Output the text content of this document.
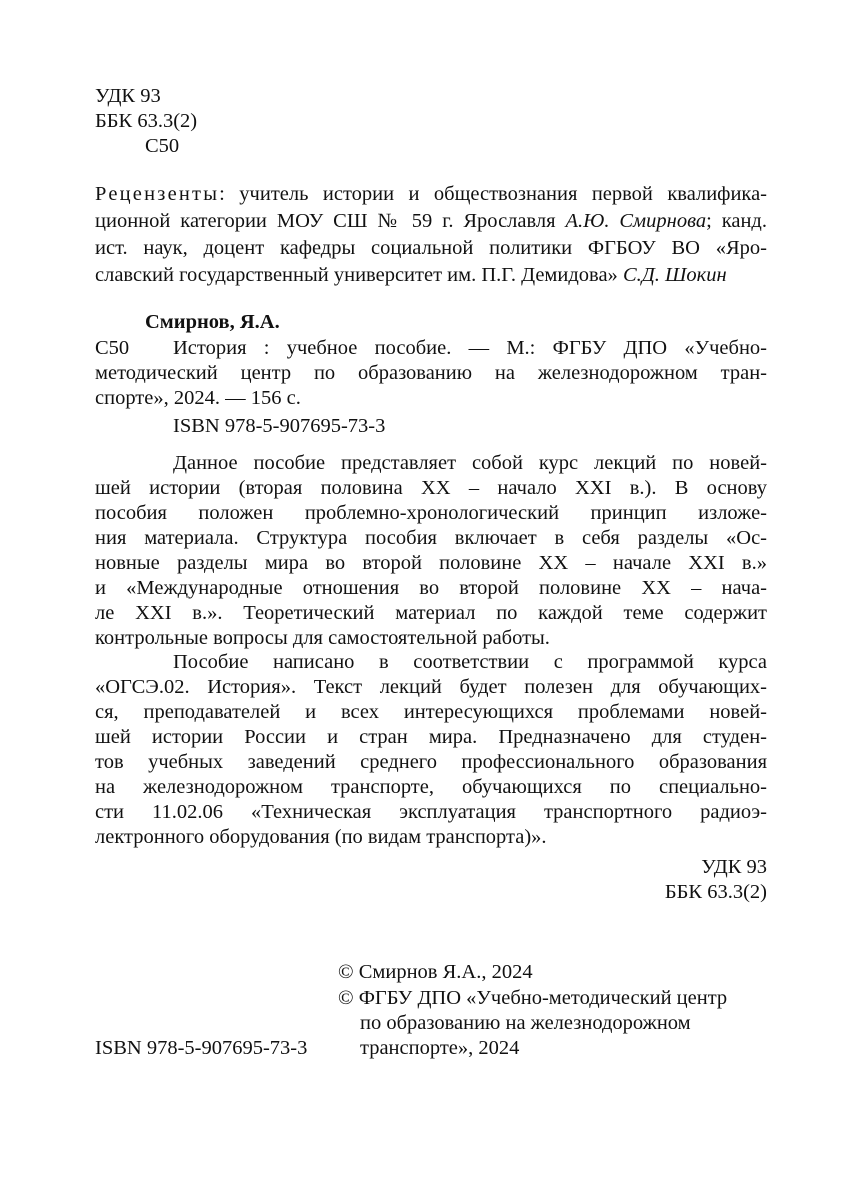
УДК 93
ББК 63.3(2)
С50
Рецензенты: учитель истории и обществознания первой квалифика-
ционной категории МОУ СШ № 59 г. Ярославля А.Ю. Смирнова; канд.
ист. наук, доцент кафедры социальной политики ФГБОУ ВО «Яро-
славский государственный университет им. П.Г. Демидова» С.Д. Шокин
Смирнов, Я.А.
С50 История : учебное пособие. — М.: ФГБУ ДПО «Учебно-
методический центр по образованию на железнодорожном тран-
спорте», 2024. — 156 с.
ISBN 978-5-907695-73-3
Данное пособие представляет собой курс лекций по новей-
шей истории (вторая половина XX – начало XXI в.). В основу
пособия положен проблемно-хронологический принцип изложе-
ния материала. Структура пособия включает в себя разделы «Ос-
новные разделы мира во второй половине XX – начале XXI в.»
и «Международные отношения во второй половине XX – нача-
ле XXI в.». Теоретический материал по каждой теме содержит
контрольные вопросы для самостоятельной работы.
Пособие написано в соответствии с программой курса
«ОГСЭ.02. История». Текст лекций будет полезен для обучающих-
ся, преподавателей и всех интересующихся проблемами новей-
шей истории России и стран мира. Предназначено для студен-
тов учебных заведений среднего профессионального образования
на железнодорожном транспорте, обучающихся по специально-
сти 11.02.06 «Техническая эксплуатация транспортного радиоэ-
лектронного оборудования (по видам транспорта)».
УДК 93
ББК 63.3(2)
© Смирнов Я.А., 2024
© ФГБУ ДПО «Учебно-методический центр
по образованию на железнодорожном
транспорте», 2024
ISBN 978-5-907695-73-3
